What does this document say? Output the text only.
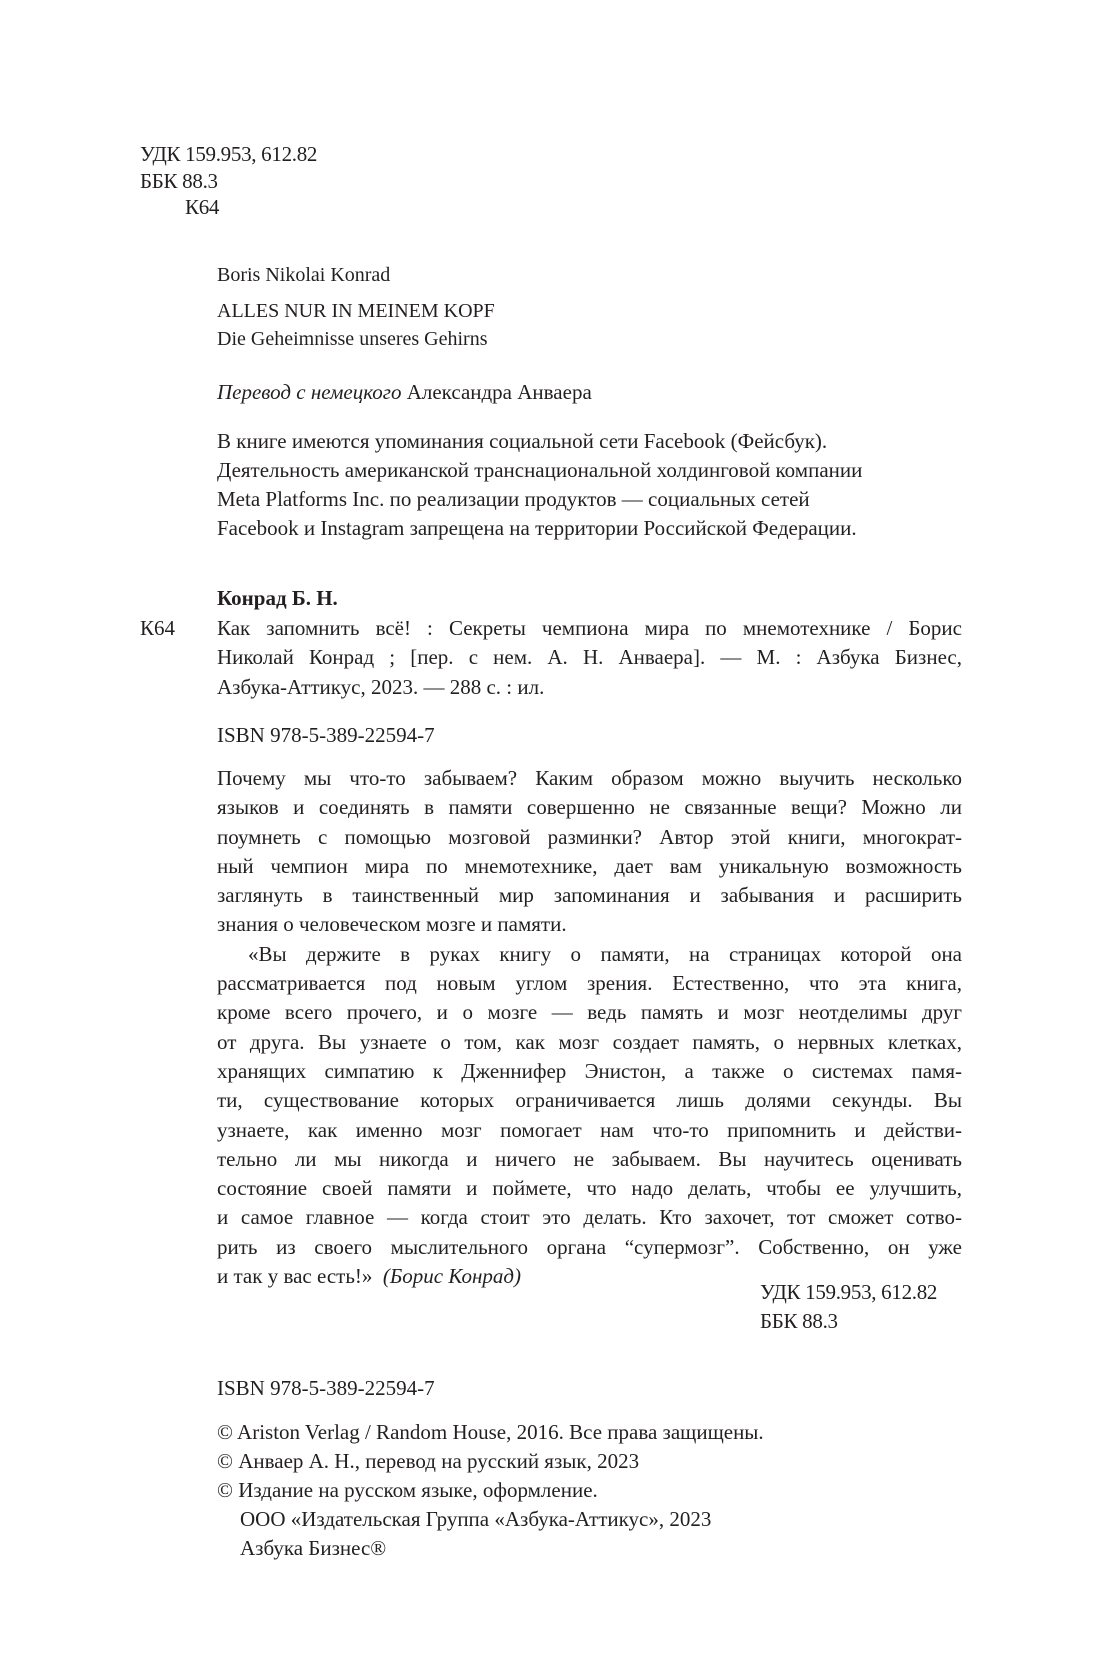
УДК 159.953, 612.82
ББК 88.3
К64
Boris Nikolai Konrad
ALLES NUR IN MEINEM KOPF
Die Geheimnisse unseres Gehirns
Перевод с немецкого Александра Анваера
В книге имеются упоминания социальной сети Facebook (Фейсбук).
Деятельность американской транснациональной холдинговой компании
Meta Platforms Inc. по реализации продуктов — социальных сетей
Facebook и Instagram запрещена на территории Российской Федерации.
Конрад Б. Н.
К64 Как запомнить всё! : Секреты чемпиона мира по мнемотехнике / Борис
Николай Конрад ; [пер. с нем. А. Н. Анваера]. — М. : Азбука Бизнес,
Азбука-Аттикус, 2023. — 288 с. : ил.
ISBN 978-5-389-22594-7
Почему мы что-то забываем? Каким образом можно выучить несколько
языков и соединять в памяти совершенно не связанные вещи? Можно ли
поумнеть с помощью мозговой разминки? Автор этой книги, многократ-
ный чемпион мира по мнемотехнике, дает вам уникальную возможность
заглянуть в таинственный мир запоминания и забывания и расширить
знания о человеческом мозге и памяти.
«Вы держите в руках книгу о памяти, на страницах которой она
рассматривается под новым углом зрения. Естественно, что эта книга,
кроме всего прочего, и о мозге — ведь память и мозг неотделимы друг
от друга. Вы узнаете о том, как мозг создает память, о нервных клетках,
хранящих симпатию к Дженнифер Энистон, а также о системах памя-
ти, существование которых ограничивается лишь долями секунды. Вы
узнаете, как именно мозг помогает нам что-то припомнить и действи-
тельно ли мы никогда и ничего не забываем. Вы научитесь оценивать
состояние своей памяти и поймете, что надо делать, чтобы ее улучшить,
и самое главное — когда стоит это делать. Кто захочет, тот сможет сотво-
рить из своего мыслительного органа “супермозг”. Собственно, он уже
и так у вас есть!» (Борис Конрад)
УДК 159.953, 612.82
ББК 88.3
ISBN 978-5-389-22594-7
© Ariston Verlag / Random House, 2016. Все права защищены.
© Анваер А. Н., перевод на русский язык, 2023
© Издание на русском языке, оформление.
ООО «Издательская Группа «Азбука-Аттикус», 2023
Азбука Бизнес®
